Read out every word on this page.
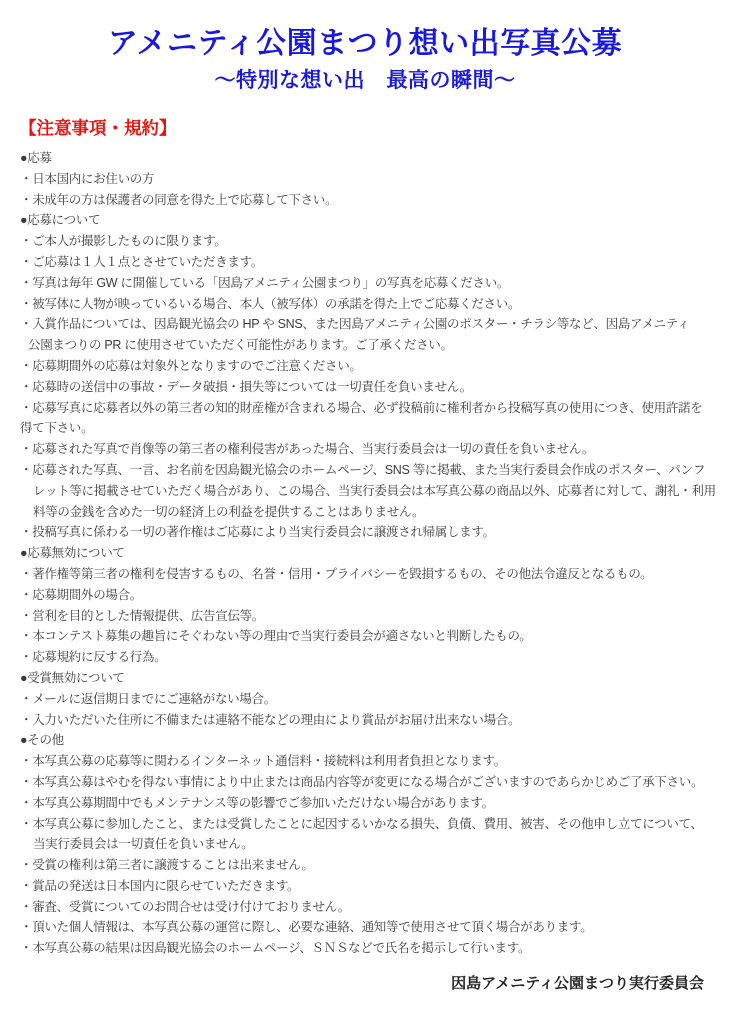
アメニティ公園まつり想い出写真公募
～特別な想い出　最高の瞬間～
【注意事項・規約】
●応募
・日本国内にお住いの方
・未成年の方は保護者の同意を得た上で応募して下さい。
●応募について
・ご本人が撮影したものに限ります。
・ご応募は１人１点とさせていただきます。
・写真は毎年 GW に開催している「因島アメニティ公園まつり」の写真を応募ください。
・被写体に人物が映っているいる場合、本人（被写体）の承諾を得た上でご応募ください。
・入賞作品については、因島観光協会の HP や SNS、また因島アメニティ公園のポスター・チラシ等など、因島アメニティ
公園まつりの PR に使用させていただく可能性があります。ご了承ください。
・応募期間外の応募は対象外となりますのでご注意ください。
・応募時の送信中の事故・データ破損・損失等については一切責任を負いません。
・応募写真に応募者以外の第三者の知的財産権が含まれる場合、必ず投稿前に権利者から投稿写真の使用につき、使用許諾を
得て下さい。
・応募された写真で肖像等の第三者の権利侵害があった場合、当実行委員会は一切の責任を負いません。
・応募された写真、一言、お名前を因島観光協会のホームページ、SNS 等に掲載、また当実行委員会作成のポスター、パンフ
レット等に掲載させていただく場合があり、この場合、当実行委員会は本写真公募の商品以外、応募者に対して、謝礼・利用
料等の金銭を含めた一切の経済上の利益を提供することはありません。
・投稿写真に係わる一切の著作権はご応募により当実行委員会に譲渡され帰属します。
●応募無効について
・著作権等第三者の権利を侵害するもの、名誉・信用・プライバシーを毀損するもの、その他法令違反となるもの。
・応募期間外の場合。
・営利を目的とした情報提供、広告宣伝等。
・本コンテスト募集の趣旨にそぐわない等の理由で当実行委員会が適さないと判断したもの。
・応募規約に反する行為。
●受賞無効について
・メールに返信期日までにご連絡がない場合。
・入力いただいた住所に不備または連絡不能などの理由により賞品がお届け出来ない場合。
●その他
・本写真公募の応募等に関わるインターネット通信料・接続料は利用者負担となります。
・本写真公募はやむを得ない事情により中止または商品内容等が変更になる場合がございますのであらかじめご了承下さい。
・本写真公募期間中でもメンテナンス等の影響でご参加いただけない場合があります。
・本写真公募に参加したこと、または受賞したことに起因するいかなる損失、負債、費用、被害、その他申し立てについて、
当実行委員会は一切責任を負いません。
・受賞の権利は第三者に譲渡することは出来ません。
・賞品の発送は日本国内に限らせていただきます。
・審査、受賞についてのお問合せは受け付けておりません。
・頂いた個人情報は、本写真公募の運営に際し、必要な連絡、通知等で使用させて頂く場合があります。
・本写真公募の結果は因島観光協会のホームページ、ＳＮＳなどで氏名を掲示して行います。
因島アメニティ公園まつり実行委員会
